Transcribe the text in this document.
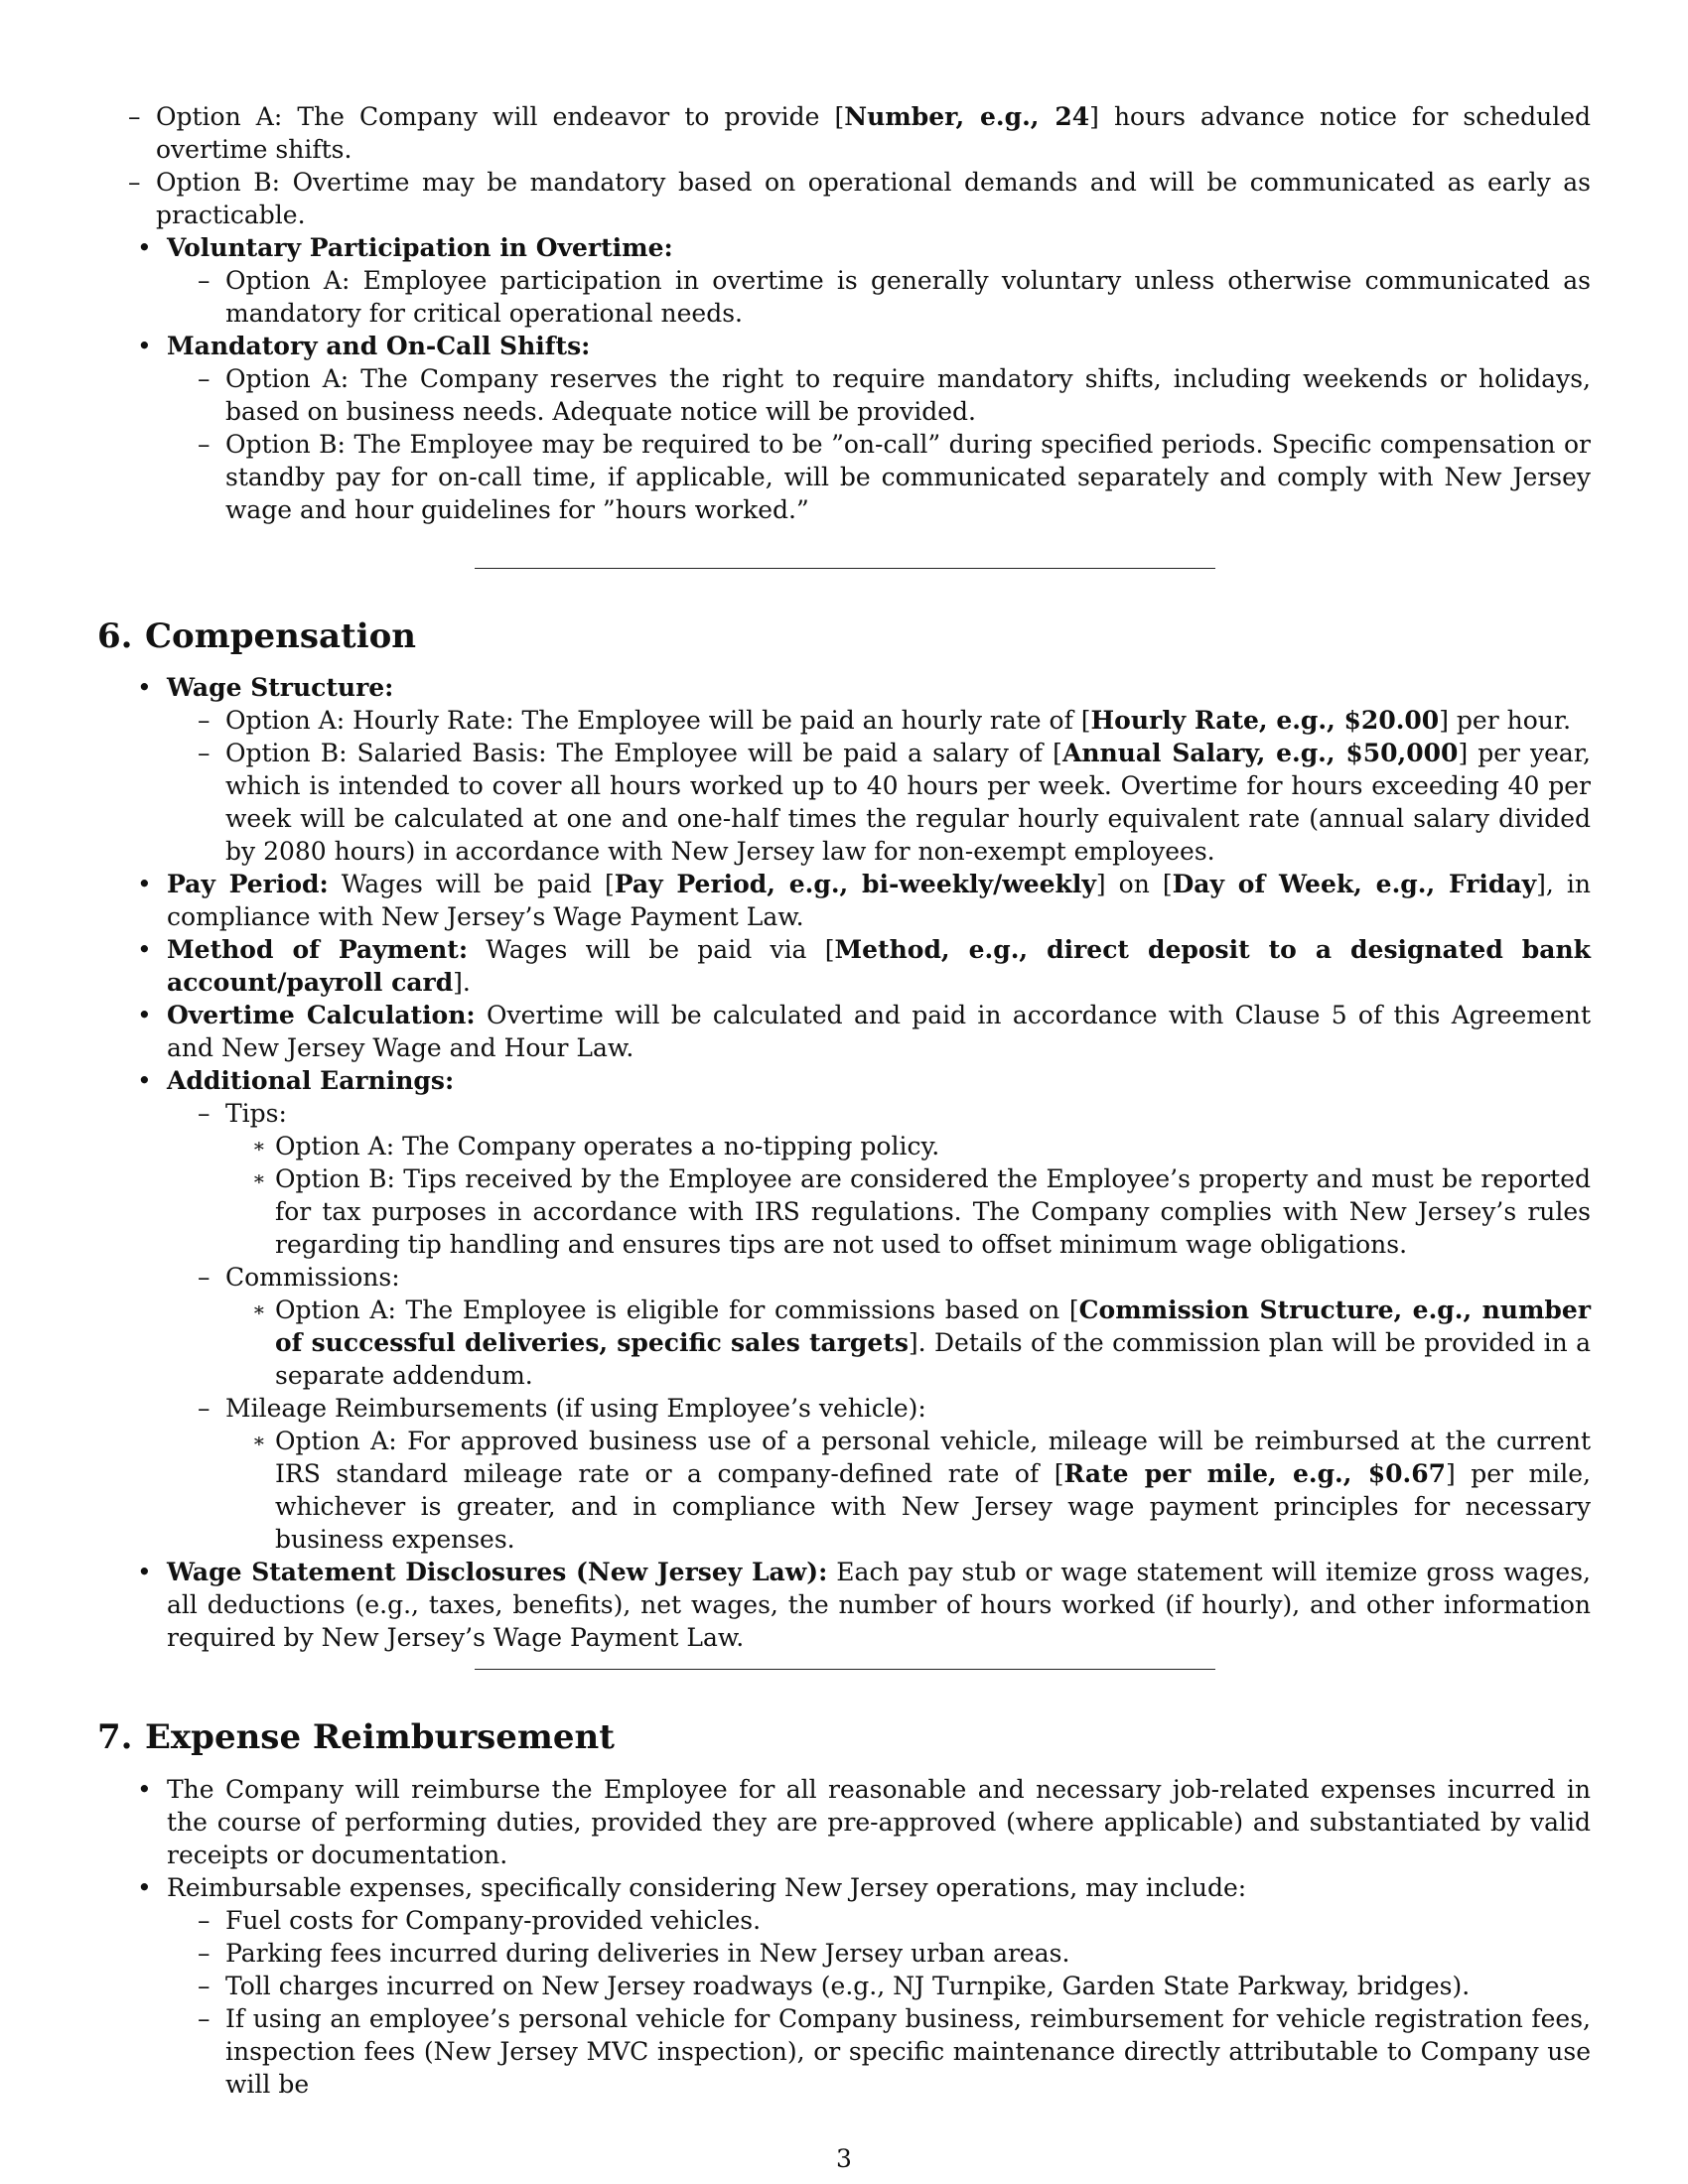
– Option A: The Company will endeavor to provide [Number, e.g., 24] hours advance notice for scheduled overtime shifts.
– Option B: Overtime may be mandatory based on operational demands and will be communicated as early as practicable.
• Voluntary Participation in Overtime:
– Option A: Employee participation in overtime is generally voluntary unless otherwise communicated as mandatory for critical operational needs.
• Mandatory and On-Call Shifts:
– Option A: The Company reserves the right to require mandatory shifts, including weekends or holidays, based on business needs. Adequate notice will be provided.
– Option B: The Employee may be required to be ”on-call” during specified periods. Specific compensation or standby pay for on-call time, if applicable, will be communicated separately and comply with New Jersey wage and hour guidelines for ”hours worked.”
6. Compensation
• Wage Structure:
– Option A: Hourly Rate: The Employee will be paid an hourly rate of [Hourly Rate, e.g., $20.00] per hour.
– Option B: Salaried Basis: The Employee will be paid a salary of [Annual Salary, e.g., $50,000] per year, which is intended to cover all hours worked up to 40 hours per week. Overtime for hours exceeding 40 per week will be calculated at one and one-half times the regular hourly equivalent rate (annual salary divided by 2080 hours) in accordance with New Jersey law for non-exempt employees.
• Pay Period: Wages will be paid [Pay Period, e.g., bi-weekly/weekly] on [Day of Week, e.g., Friday], in compliance with New Jersey’s Wage Payment Law.
• Method of Payment: Wages will be paid via [Method, e.g., direct deposit to a designated bank account/payroll card].
• Overtime Calculation: Overtime will be calculated and paid in accordance with Clause 5 of this Agreement and New Jersey Wage and Hour Law.
• Additional Earnings:
– Tips:
∗ Option A: The Company operates a no-tipping policy.
∗ Option B: Tips received by the Employee are considered the Employee’s property and must be reported for tax purposes in accordance with IRS regulations. The Company complies with New Jersey’s rules regarding tip handling and ensures tips are not used to offset minimum wage obligations.
– Commissions:
∗ Option A: The Employee is eligible for commissions based on [Commission Structure, e.g., number of successful deliveries, specific sales targets]. Details of the commission plan will be provided in a separate addendum.
– Mileage Reimbursements (if using Employee’s vehicle):
∗ Option A: For approved business use of a personal vehicle, mileage will be reimbursed at the current IRS standard mileage rate or a company-defined rate of [Rate per mile, e.g., $0.67] per mile, whichever is greater, and in compliance with New Jersey wage payment principles for necessary business expenses.
• Wage Statement Disclosures (New Jersey Law): Each pay stub or wage statement will itemize gross wages, all deductions (e.g., taxes, benefits), net wages, the number of hours worked (if hourly), and other information required by New Jersey’s Wage Payment Law.
7. Expense Reimbursement
• The Company will reimburse the Employee for all reasonable and necessary job-related expenses incurred in the course of performing duties, provided they are pre-approved (where applicable) and substantiated by valid receipts or documentation.
• Reimbursable expenses, specifically considering New Jersey operations, may include:
– Fuel costs for Company-provided vehicles.
– Parking fees incurred during deliveries in New Jersey urban areas.
– Toll charges incurred on New Jersey roadways (e.g., NJ Turnpike, Garden State Parkway, bridges).
– If using an employee’s personal vehicle for Company business, reimbursement for vehicle registration fees, inspection fees (New Jersey MVC inspection), or specific maintenance directly attributable to Company use will be
3
